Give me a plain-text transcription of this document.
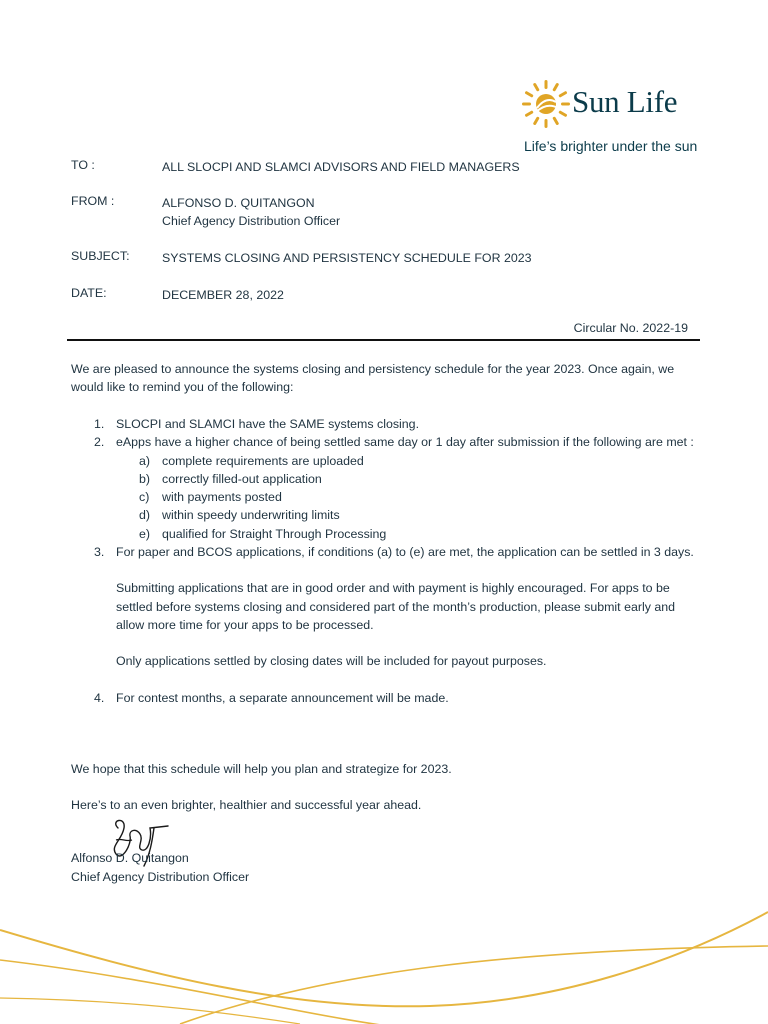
Sun Life
Life’s brighter under the sun
TO :	ALL SLOCPI AND SLAMCI ADVISORS AND FIELD MANAGERS
FROM :	ALFONSO D. QUITANGON
Chief Agency Distribution Officer
SUBJECT:	SYSTEMS CLOSING AND PERSISTENCY SCHEDULE FOR 2023
DATE:	DECEMBER 28, 2022
Circular No. 2022-19
We are pleased to announce the systems closing and persistency schedule for the year 2023. Once again, we would like to remind you of the following:
1. SLOCPI and SLAMCI have the SAME systems closing.
2. eApps have a higher chance of being settled same day or 1 day after submission if the following are met :
a) complete requirements are uploaded
b) correctly filled-out application
c) with payments posted
d) within speedy underwriting limits
e) qualified for Straight Through Processing
3. For paper and BCOS applications, if conditions (a) to (e) are met, the application can be settled in 3 days.
Submitting applications that are in good order and with payment is highly encouraged. For apps to be settled before systems closing and considered part of the month’s production, please submit early and allow more time for your apps to be processed.
Only applications settled by closing dates will be included for payout purposes.
4. For contest months, a separate announcement will be made.
We hope that this schedule will help you plan and strategize for 2023.
Here’s to an even brighter, healthier and successful year ahead.
Alfonso D. Quitangon
Chief Agency Distribution Officer
